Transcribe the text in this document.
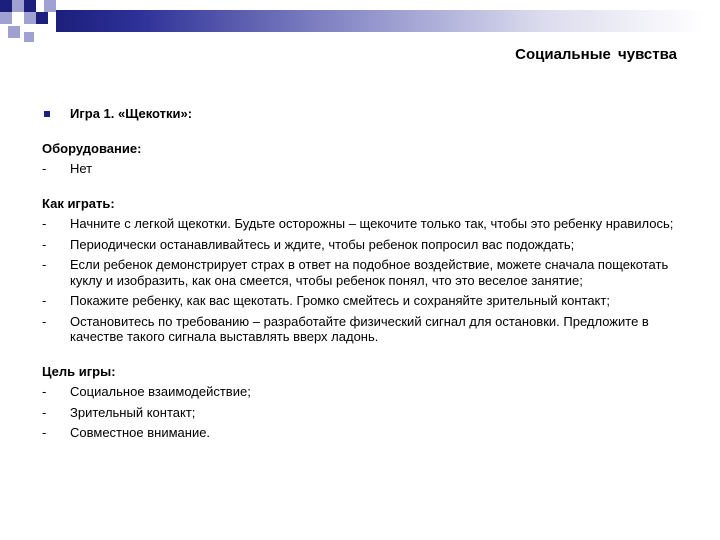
Социальные чувства
Игра 1. «Щекотки»:
Оборудование:
- Нет
Как играть:
- Начните с легкой щекотки. Будьте осторожны – щекочите только так, чтобы это ребенку нравилось;
- Периодически останавливайтесь и ждите, чтобы ребенок попросил вас подождать;
- Если ребенок демонстрирует страх в ответ на подобное воздействие, можете сначала пощекотать куклу и изобразить, как она смеется, чтобы ребенок понял, что это веселое занятие;
- Покажите ребенку, как вас щекотать. Громко смейтесь и сохраняйте зрительный контакт;
- Остановитесь по требованию – разработайте физический сигнал для остановки. Предложите в качестве такого сигнала выставлять вверх ладонь.
Цель игры:
- Социальное взаимодействие;
- Зрительный контакт;
- Совместное внимание.
